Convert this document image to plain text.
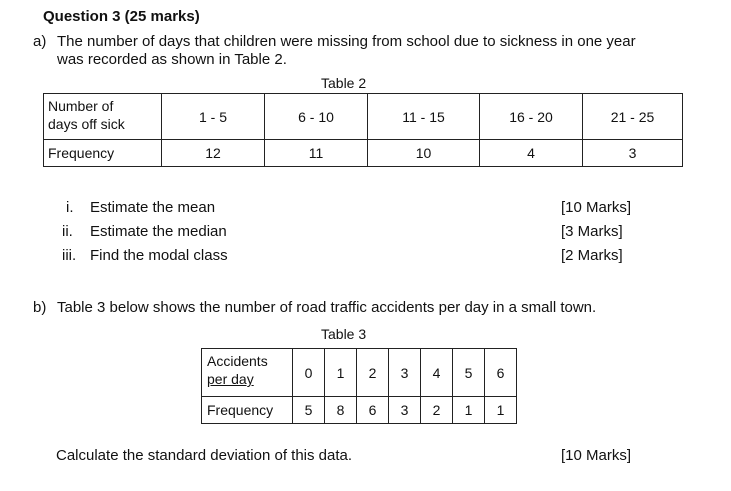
Question 3 (25 marks)
a) The number of days that children were missing from school due to sickness in one year
was recorded as shown in Table 2.
Table 2
Number of
days off sick	1 - 5	6 - 10	11 - 15	16 - 20	21 - 25
Frequency	12	11	10	4	3
i. Estimate the mean	[10 Marks]
ii. Estimate the median	[3 Marks]
iii. Find the modal class	[2 Marks]
b) Table 3 below shows the number of road traffic accidents per day in a small town.
Table 3
Accidents
per day	0	1	2	3	4	5	6
Frequency	5	8	6	3	2	1	1
Calculate the standard deviation of this data.	[10 Marks]
